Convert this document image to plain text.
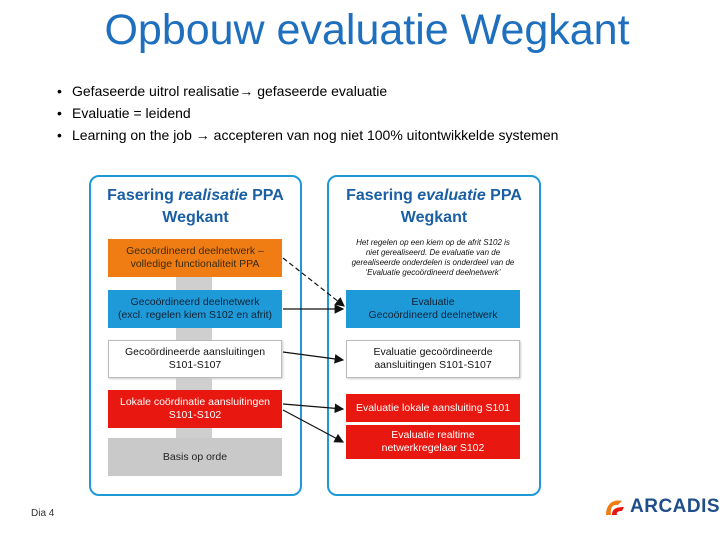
Opbouw evaluatie Wegkant
• Gefaseerde uitrol realisatie→ gefaseerde evaluatie
• Evaluatie = leidend
• Learning on the job → accepteren van nog niet 100% uitontwikkelde systemen
Fasering realisatie PPA
Wegkant
Fasering evaluatie PPA
Wegkant
Gecoördineerd deelnetwerk –
volledige functionaliteit PPA
Gecoördineerd deelnetwerk
(excl. regelen kiem S102 en afrit)
Gecoördineerde aansluitingen
S101-S107
Lokale coördinatie aansluitingen
S101-S102
Basis op orde
Het regelen op een kiem op de afrit S102 is niet gerealiseerd. De evaluatie van de gerealiseerde onderdelen is onderdeel van de ‘Evaluatie gecoördineerd deelnetwerk’
Evaluatie
Gecoördineerd deelnetwerk
Evaluatie gecoördineerde
aansluitingen S101-S107
Evaluatie lokale aansluiting S101
Evaluatie realtime
netwerkregelaar S102
Dia 4	ARCADIS
